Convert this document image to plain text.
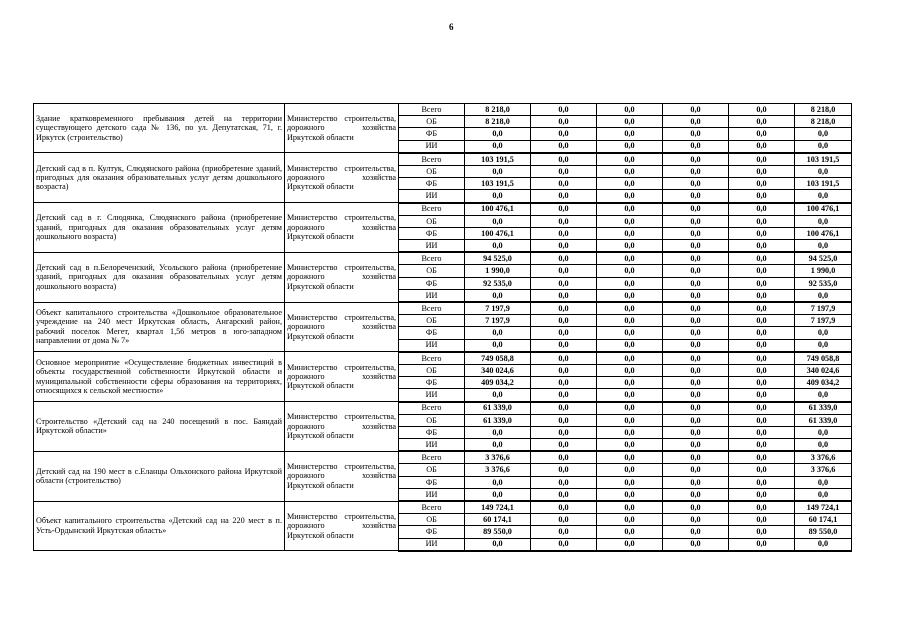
6
Здание кратковременного пребывания детей на территории существующего детского сада № 136, по ул. Депутатская, 71, г. Иркутск (строительство)	Министерство строительства, дорожного хозяйства Иркутской области	Всего	8 218,0	0,0	0,0	0,0	0,0	8 218,0
		ОБ	8 218,0	0,0	0,0	0,0	0,0	8 218,0
		ФБ	0,0	0,0	0,0	0,0	0,0	0,0
		ИИ	0,0	0,0	0,0	0,0	0,0	0,0
Детский сад в п. Култук, Слюдянского района (приобретение зданий, пригодных для оказания образовательных услуг детям дошкольного возраста)	Министерство строительства, дорожного хозяйства Иркутской области	Всего	103 191,5	0,0	0,0	0,0	0,0	103 191,5
		ОБ	0,0	0,0	0,0	0,0	0,0	0,0
		ФБ	103 191,5	0,0	0,0	0,0	0,0	103 191,5
		ИИ	0,0	0,0	0,0	0,0	0,0	0,0
Детский сад в г. Слюдянка, Слюдянского района (приобретение зданий, пригодных для оказания образовательных услуг детям дошкольного возраста)	Министерство строительства, дорожного хозяйства Иркутской области	Всего	100 476,1	0,0	0,0	0,0	0,0	100 476,1
		ОБ	0,0	0,0	0,0	0,0	0,0	0,0
		ФБ	100 476,1	0,0	0,0	0,0	0,0	100 476,1
		ИИ	0,0	0,0	0,0	0,0	0,0	0,0
Детский сад в п.Белореченский, Усольского района (приобретение зданий, пригодных для оказания образовательных услуг детям дошкольного возраста)	Министерство строительства, дорожного хозяйства Иркутской области	Всего	94 525,0	0,0	0,0	0,0	0,0	94 525,0
		ОБ	1 990,0	0,0	0,0	0,0	0,0	1 990,0
		ФБ	92 535,0	0,0	0,0	0,0	0,0	92 535,0
		ИИ	0,0	0,0	0,0	0,0	0,0	0,0
Объект капитального строительства «Дошкольное образовательное учреждение на 240 мест Иркутская область, Ангарский район, рабочий поселок Мегет, квартал 1,56 метров в юго-западном направлении от дома № 7»	Министерство строительства, дорожного хозяйства Иркутской области	Всего	7 197,9	0,0	0,0	0,0	0,0	7 197,9
		ОБ	7 197,9	0,0	0,0	0,0	0,0	7 197,9
		ФБ	0,0	0,0	0,0	0,0	0,0	0,0
		ИИ	0,0	0,0	0,0	0,0	0,0	0,0
Основное мероприятие «Осуществление бюджетных инвестиций в объекты государственной собственности Иркутской области и муниципальной собственности сферы образования на территориях, относящихся к сельской местности»	Министерство строительства, дорожного хозяйства Иркутской области	Всего	749 058,8	0,0	0,0	0,0	0,0	749 058,8
		ОБ	340 024,6	0,0	0,0	0,0	0,0	340 024,6
		ФБ	409 034,2	0,0	0,0	0,0	0,0	409 034,2
		ИИ	0,0	0,0	0,0	0,0	0,0	0,0
Строительство «Детский сад на 240 посещений в пос. Баяндай Иркутской области»	Министерство строительства, дорожного хозяйства Иркутской области	Всего	61 339,0	0,0	0,0	0,0	0,0	61 339,0
		ОБ	61 339,0	0,0	0,0	0,0	0,0	61 339,0
		ФБ	0,0	0,0	0,0	0,0	0,0	0,0
		ИИ	0,0	0,0	0,0	0,0	0,0	0,0
Детский сад на 190 мест в с.Еланцы Ольхонского района Иркутской области (строительство)	Министерство строительства, дорожного хозяйства Иркутской области	Всего	3 376,6	0,0	0,0	0,0	0,0	3 376,6
		ОБ	3 376,6	0,0	0,0	0,0	0,0	3 376,6
		ФБ	0,0	0,0	0,0	0,0	0,0	0,0
		ИИ	0,0	0,0	0,0	0,0	0,0	0,0
Объект капитального строительства «Детский сад на 220 мест в п. Усть-Ордынский Иркутская область»	Министерство строительства, дорожного хозяйства Иркутской области	Всего	149 724,1	0,0	0,0	0,0	0,0	149 724,1
		ОБ	60 174,1	0,0	0,0	0,0	0,0	60 174,1
		ФБ	89 550,0	0,0	0,0	0,0	0,0	89 550,0
		ИИ	0,0	0,0	0,0	0,0	0,0	0,0
